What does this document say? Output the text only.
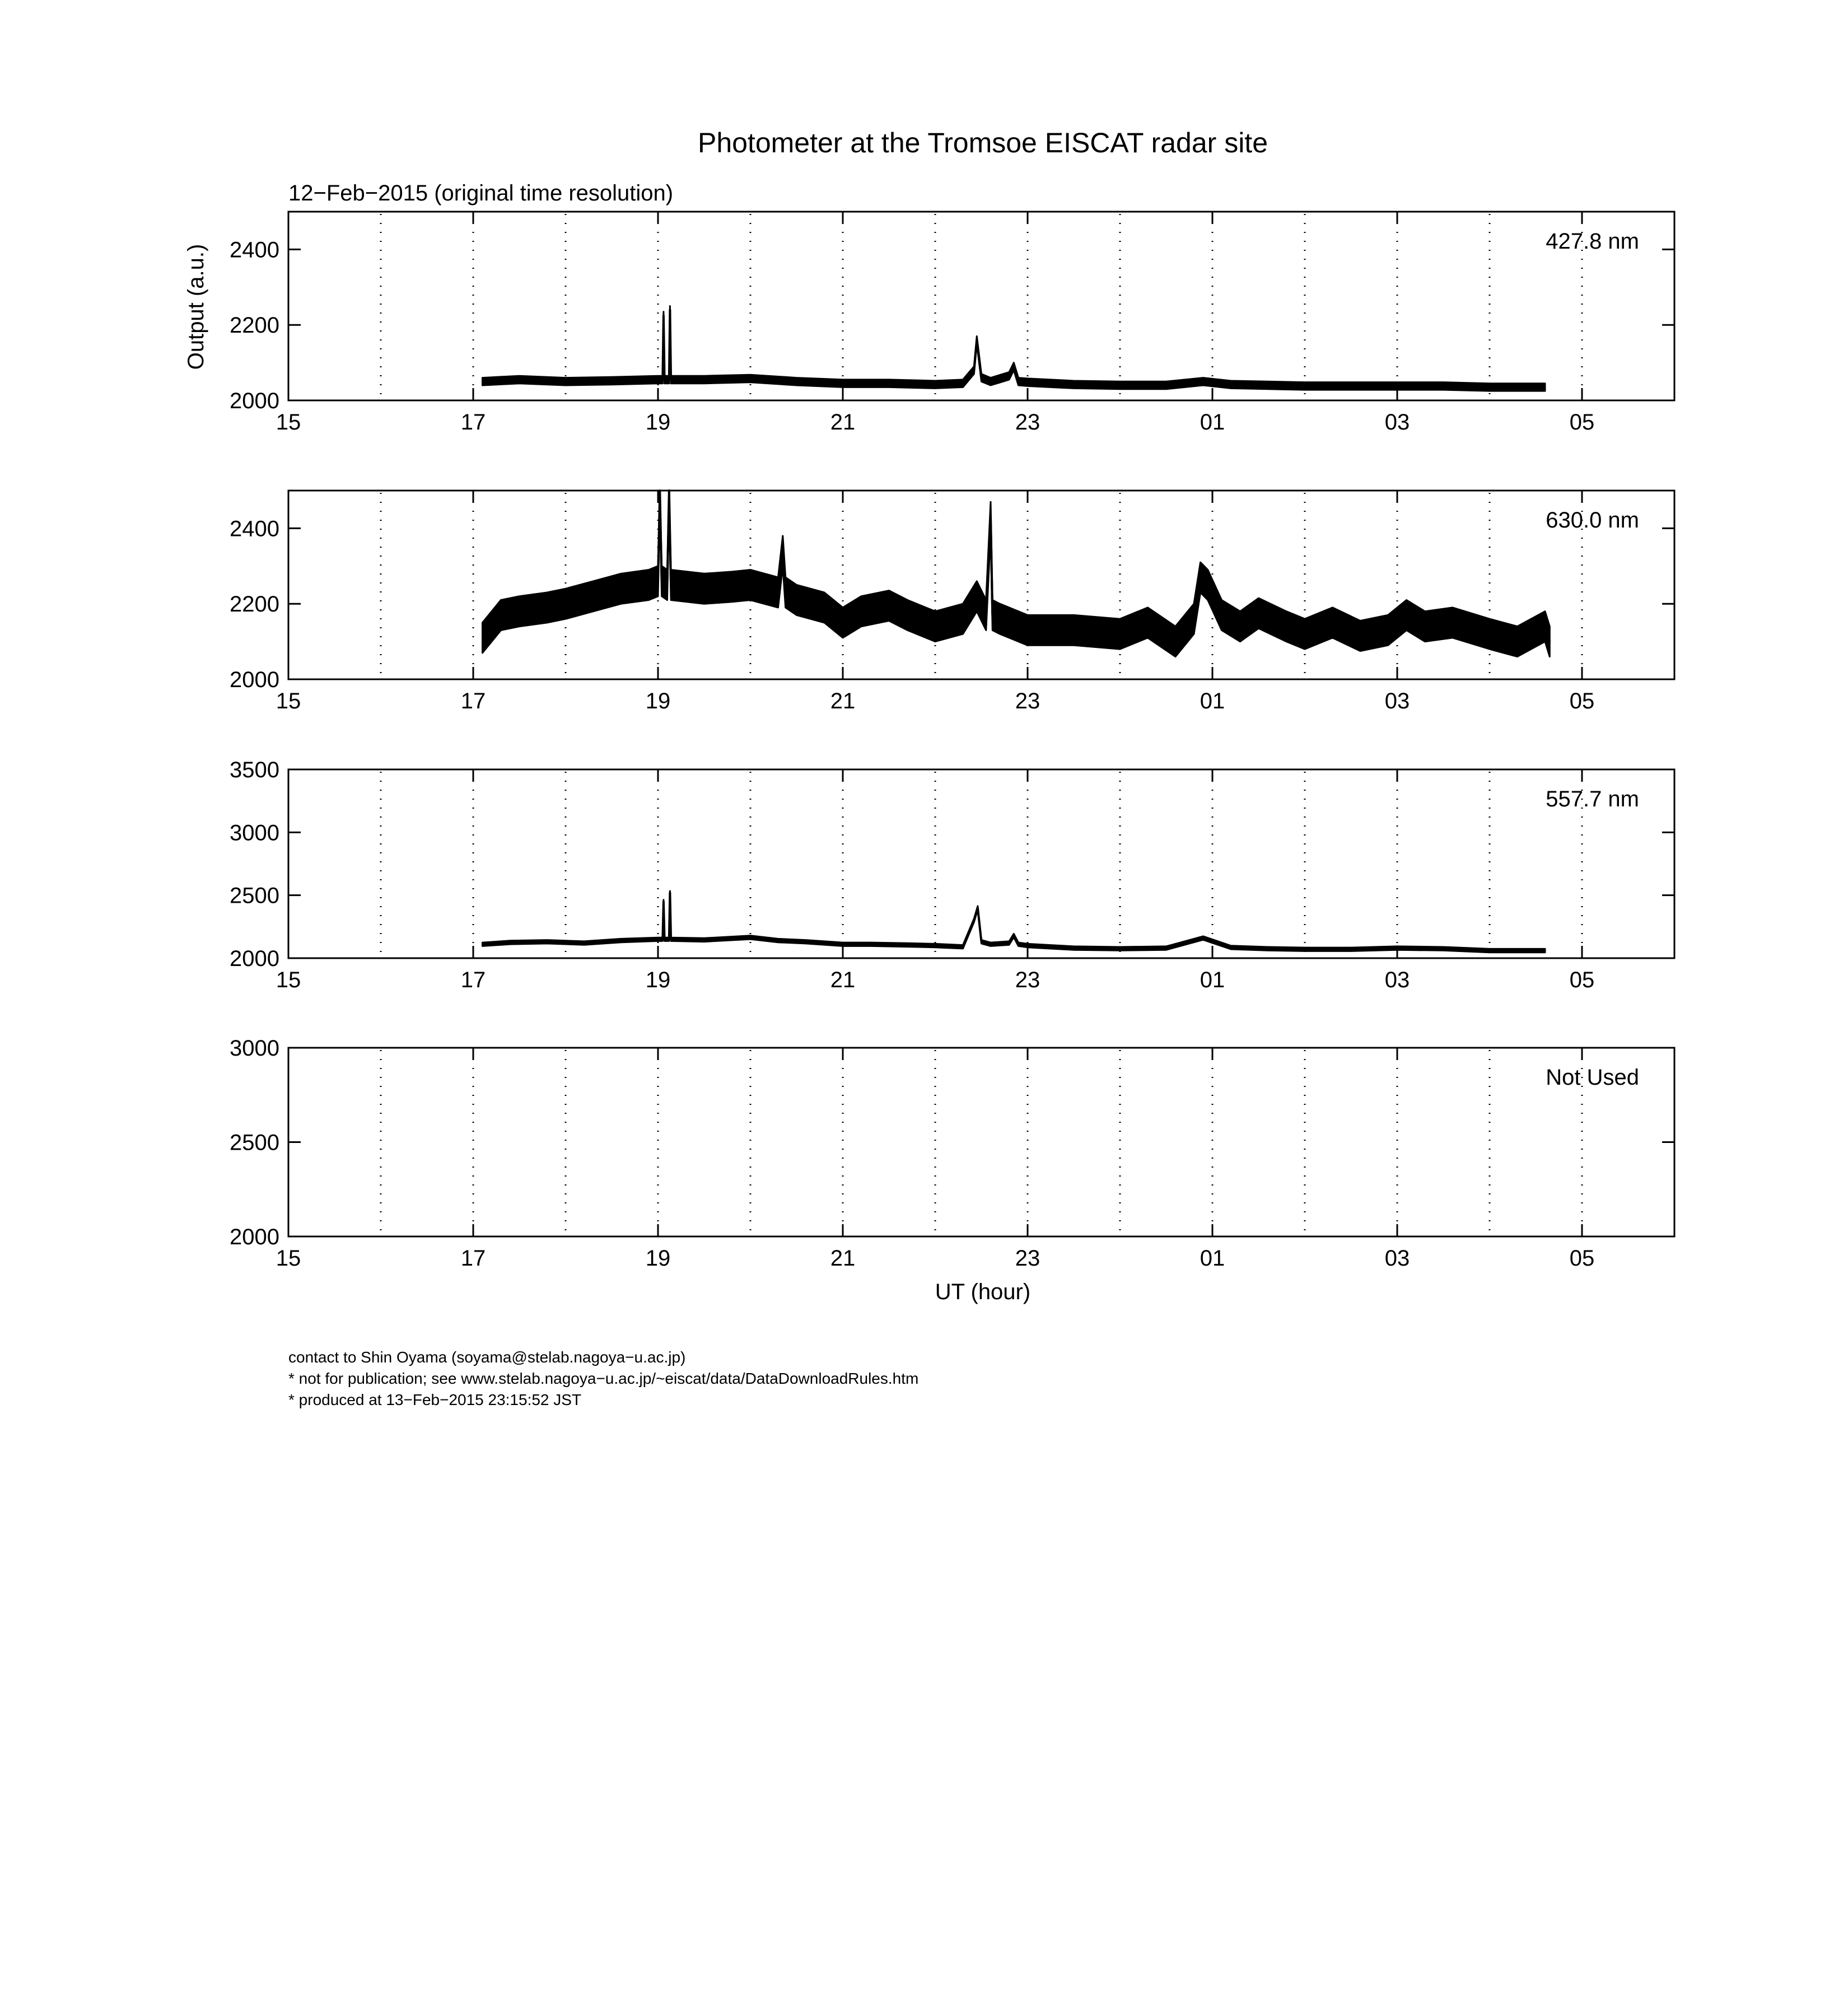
Photometer at the Tromsoe EISCAT radar site
12−Feb−2015 (original time resolution)
Output (a.u.)
UT (hour)
15	17	19	21	23	01	03	05
2000
2200
2400	427.8 nm
15	17	19	21	23	01	03	05
2000
2200
2400	630.0 nm
15	17	19	21	23	01	03	05
2000
2500
3000
3500
557.7 nm
15	17	19	21	23	01	03	05
2000
2500
3000
Not Used
contact to Shin Oyama (soyama@stelab.nagoya−u.ac.jp)
* not for publication; see www.stelab.nagoya−u.ac.jp/~eiscat/data/DataDownloadRules.htm
* produced at 13−Feb−2015 23:15:52 JST
